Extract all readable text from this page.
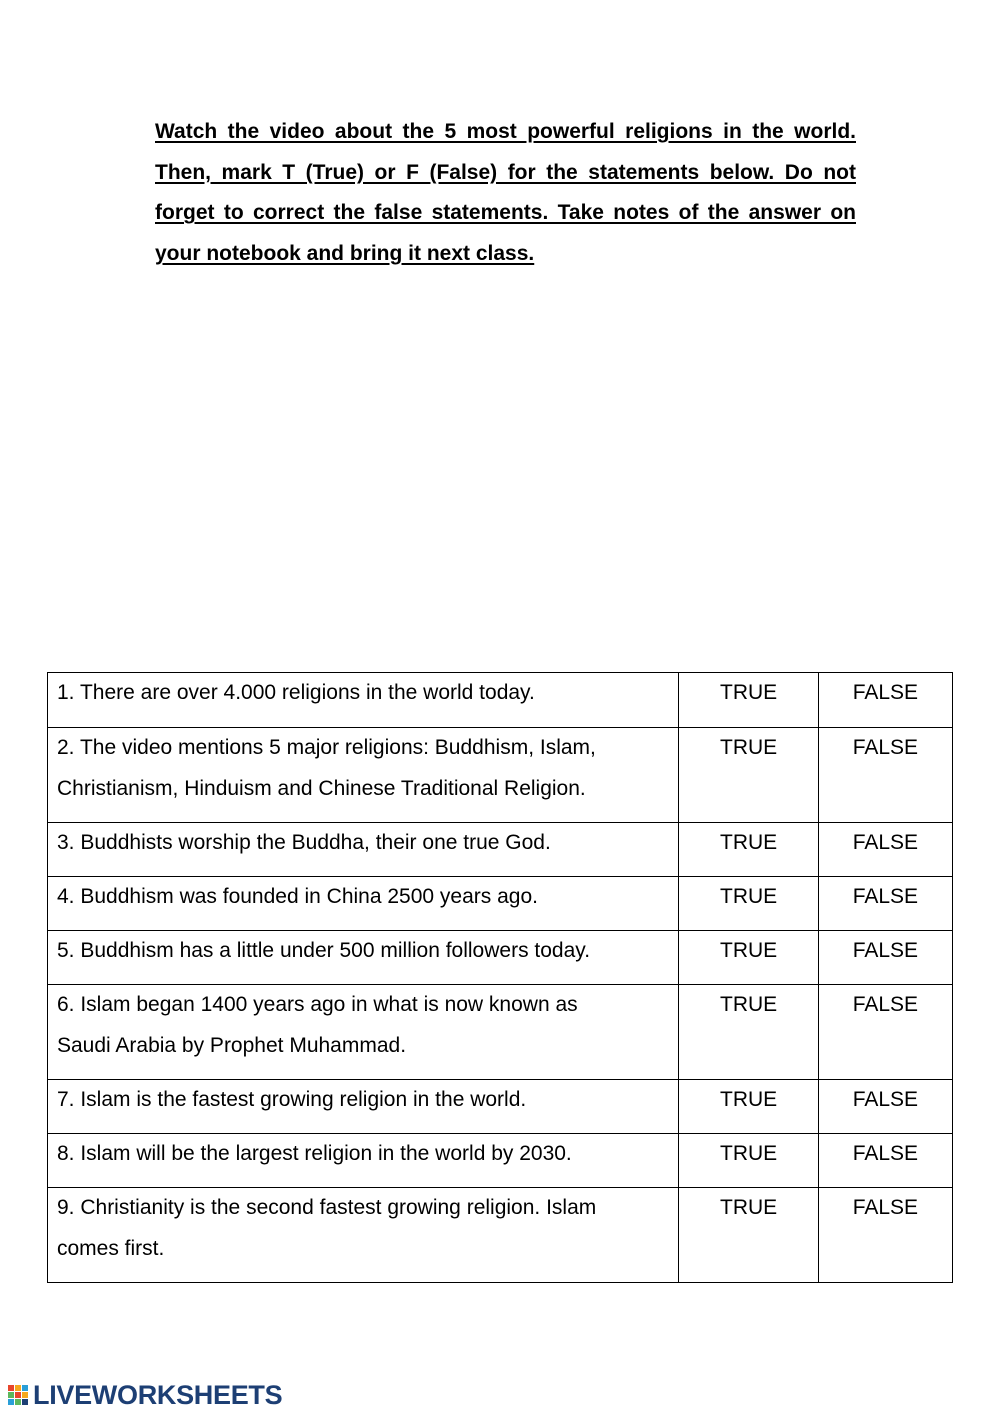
Watch the video about the 5 most powerful religions in the world. Then, mark T (True) or F (False) for the statements below. Do not forget to correct the false statements. Take notes of the answer on your notebook and bring it next class.
1. There are over 4.000 religions in the world today.	TRUE	FALSE

2. The video mentions 5 major religions: Buddhism, Islam,
Christianism, Hinduism and Chinese Traditional Religion.	TRUE	FALSE

3. Buddhists worship the Buddha, their one true God.	TRUE	FALSE

4. Buddhism was founded in China 2500 years ago.	TRUE	FALSE

5. Buddhism has a little under 500 million followers today.	TRUE	FALSE

6. Islam began 1400 years ago in what is now known as
Saudi Arabia by Prophet Muhammad.	TRUE	FALSE

7. Islam is the fastest growing religion in the world.	TRUE	FALSE

8. Islam will be the largest religion in the world by 2030.	TRUE	FALSE

9. Christianity is the second fastest growing religion. Islam
comes first.	TRUE	FALSE
LIVEWORKSHEETS
